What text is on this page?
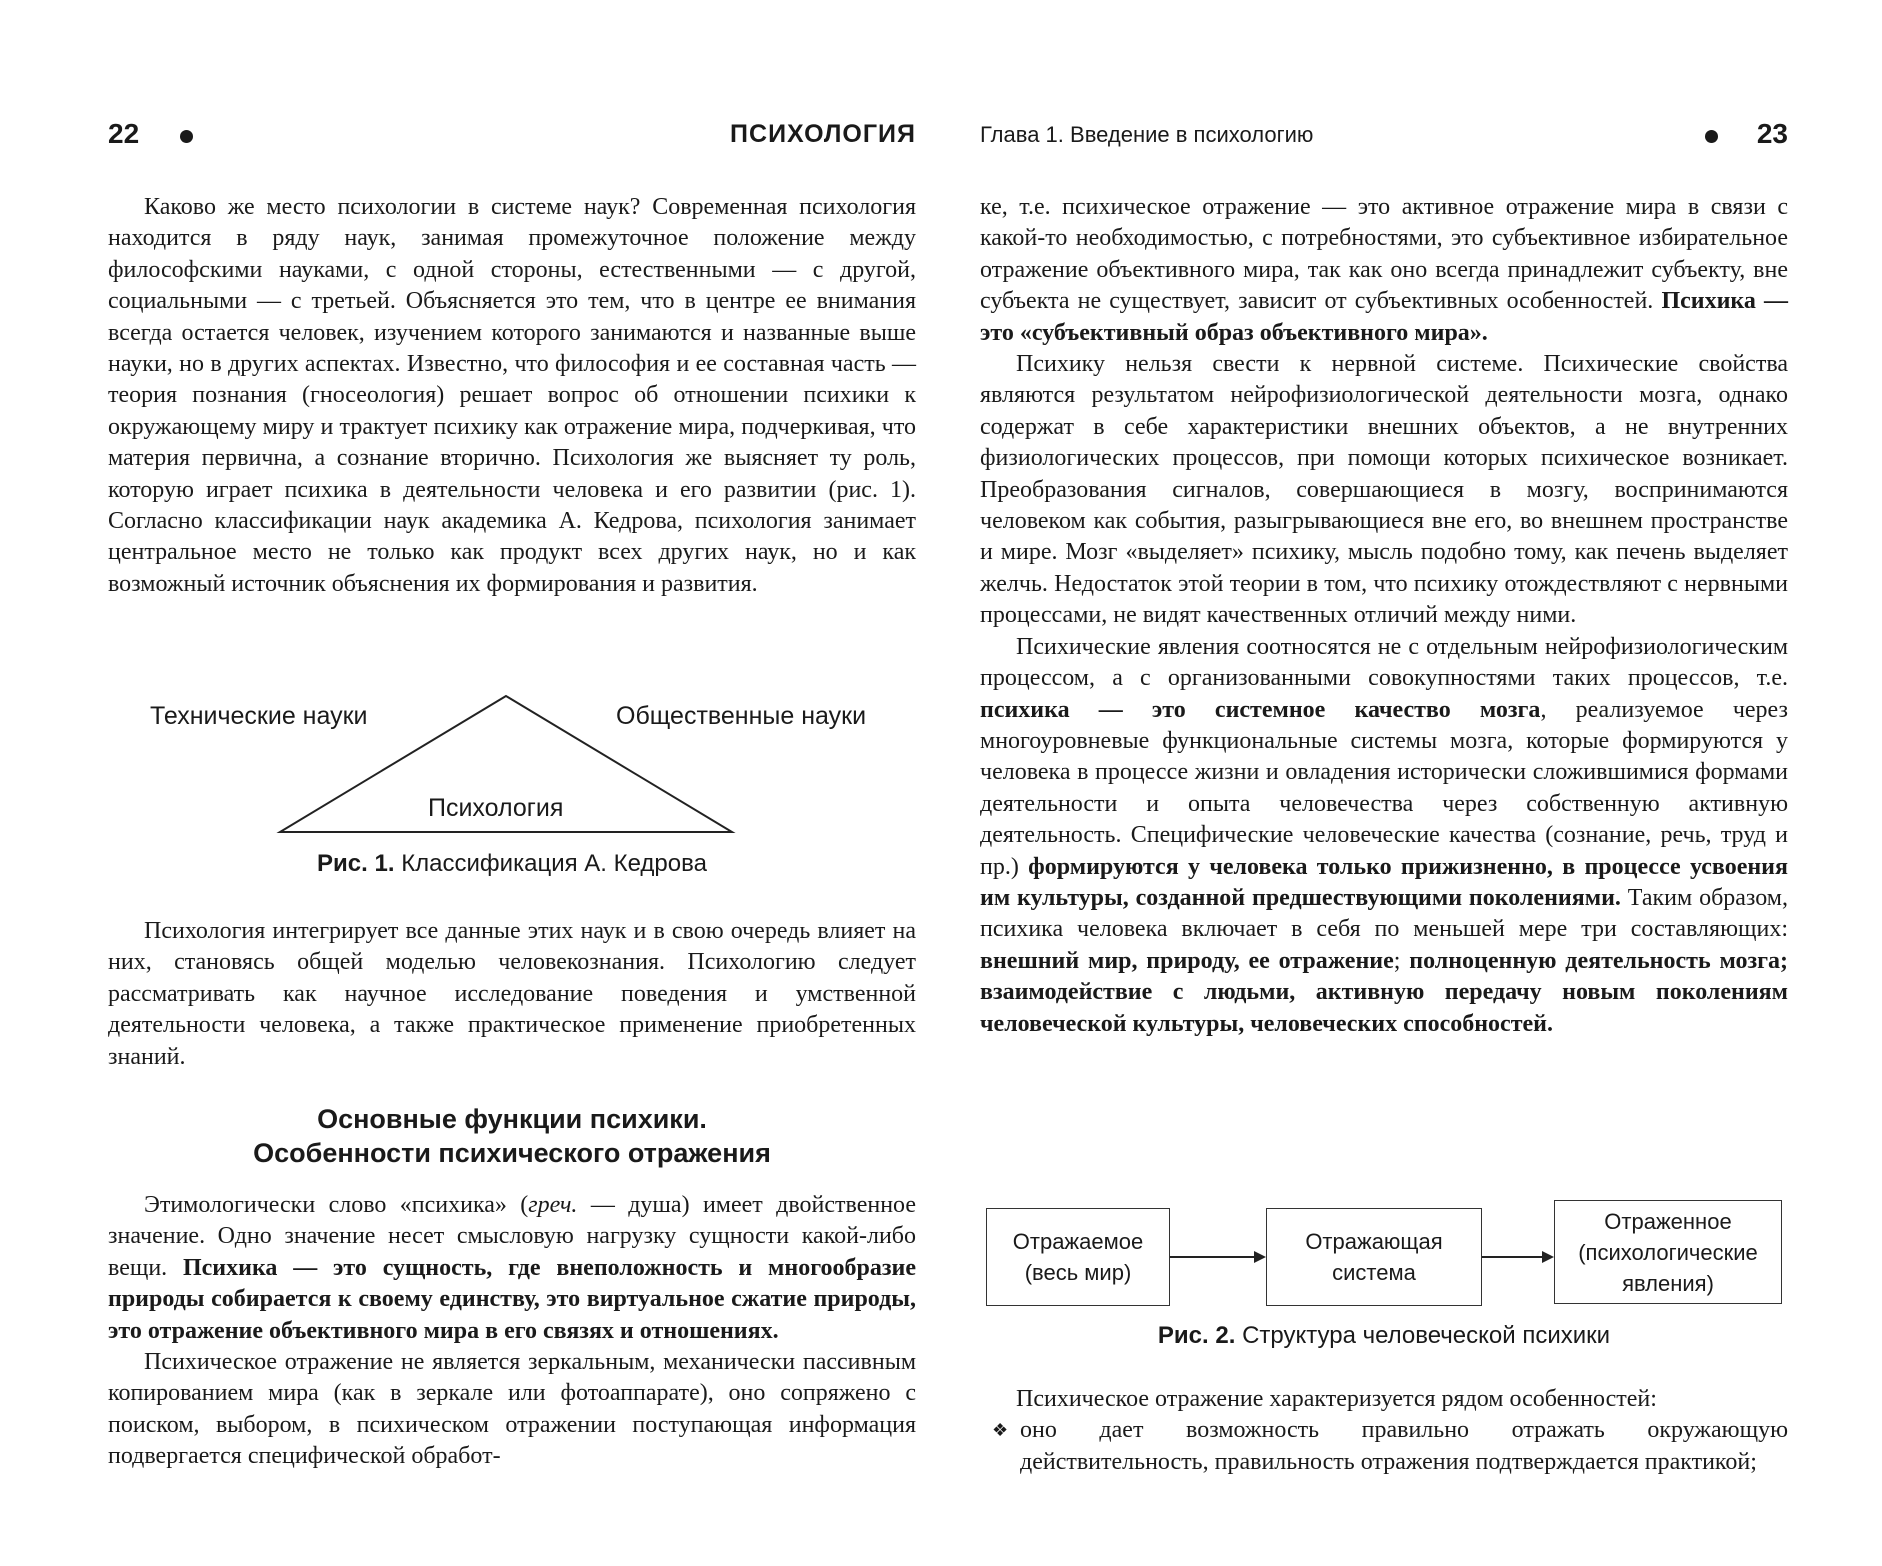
22	ПСИХОЛОГИЯ

Каково же место психологии в системе наук? Современная психология находится в ряду наук, занимая промежуточное положение между философскими науками, с одной стороны, естественными — с другой, социальными — с третьей. Объясняется это тем, что в центре ее внимания всегда остается человек, изучением которого занимаются и названные выше науки, но в других аспектах. Известно, что философия и ее составная часть — теория познания (гносеология) решает вопрос об отношении психики к окружающему миру и трактует психику как отражение мира, подчеркивая, что материя первична, а сознание вторично. Психология же выясняет ту роль, которую играет психика в деятельности человека и его развитии (рис. 1). Согласно классификации наук академика А. Кедрова, психология занимает центральное место не только как продукт всех других наук, но и как возможный источник объяснения их формирования и развития.

Технические науки	Общественные науки
Психология
Рис. 1. Классификация А. Кедрова

Психология интегрирует все данные этих наук и в свою очередь влияет на них, становясь общей моделью человекознания. Психологию следует рассматривать как научное исследование поведения и умственной деятельности человека, а также практическое применение приобретенных знаний.

Основные функции психики.
Особенности психического отражения

Этимологически слово «психика» (греч. — душа) имеет двойственное значение. Одно значение несет смысловую нагрузку сущности какой-либо вещи. Психика — это сущность, где внеположность и многообразие природы собирается к своему единству, это виртуальное сжатие природы, это отражение объективного мира в его связях и отношениях.

Психическое отражение не является зеркальным, механически пассивным копированием мира (как в зеркале или фотоаппарате), оно сопряжено с поиском, выбором, в психическом отражении поступающая информация подвергается специфической обработ-

Глава 1. Введение в психологию	23

ке, т.е. психическое отражение — это активное отражение мира в связи с какой-то необходимостью, с потребностями, это субъективное избирательное отражение объективного мира, так как оно всегда принадлежит субъекту, вне субъекта не существует, зависит от субъективных особенностей. Психика — это «субъективный образ объективного мира».

Психику нельзя свести к нервной системе. Психические свойства являются результатом нейрофизиологической деятельности мозга, однако содержат в себе характеристики внешних объектов, а не внутренних физиологических процессов, при помощи которых психическое возникает. Преобразования сигналов, совершающиеся в мозгу, воспринимаются человеком как события, разыгрывающиеся вне его, во внешнем пространстве и мире. Мозг «выделяет» психику, мысль подобно тому, как печень выделяет желчь. Недостаток этой теории в том, что психику отождествляют с нервными процессами, не видят качественных отличий между ними.

Психические явления соотносятся не с отдельным нейрофизиологическим процессом, а с организованными совокупностями таких процессов, т.е. психика — это системное качество мозга, реализуемое через многоуровневые функциональные системы мозга, которые формируются у человека в процессе жизни и овладения исторически сложившимися формами деятельности и опыта человечества через собственную активную деятельность. Специфические человеческие качества (сознание, речь, труд и пр.) формируются у человека только прижизненно, в процессе усвоения им культуры, созданной предшествующими поколениями. Таким образом, психика человека включает в себя по меньшей мере три составляющих: внешний мир, природу, ее отражение; полноценную деятельность мозга; взаимодействие с людьми, активную передачу новым поколениям человеческой культуры, человеческих способностей.

Отражаемое (весь мир)
Отражающая система
Отраженное (психологические явления)
Рис. 2. Структура человеческой психики

Психическое отражение характеризуется рядом особенностей:

❖ оно дает возможность правильно отражать окружающую действительность, правильность отражения подтверждается практикой;
